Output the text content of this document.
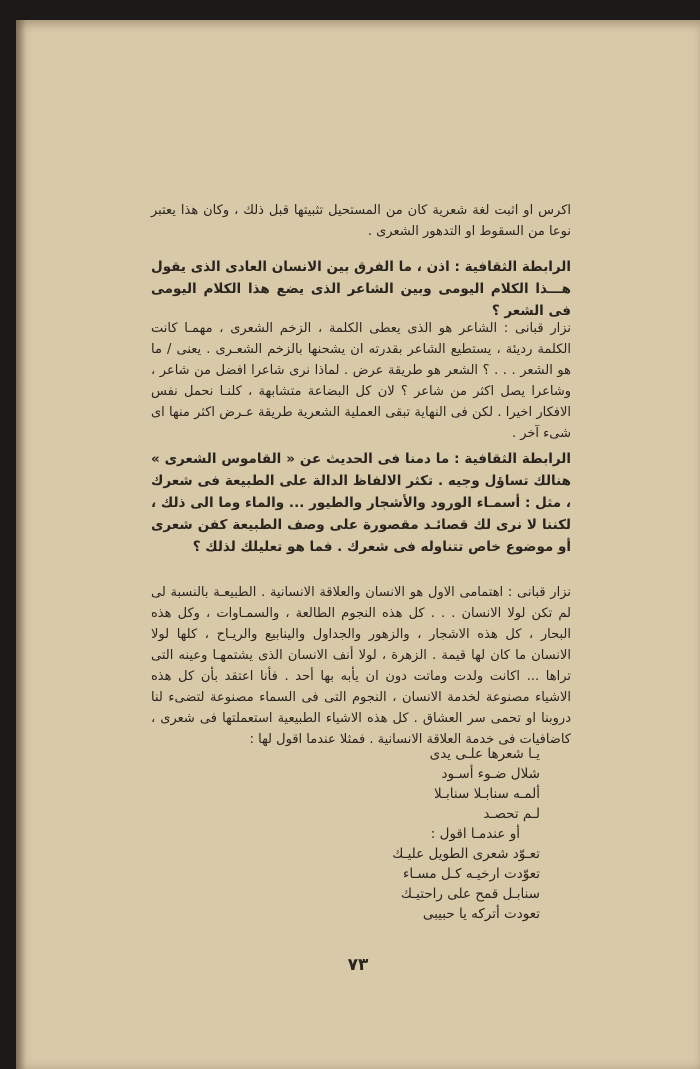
اكرس او اثبت لغة شعرية كان من المستحيل تثبيتها قبل ذلك ، وكان هذا يعتبر نوعا من السقوط او التدهور الشعرى .

الرابطة الثقافية : اذن ، ما الفرق بين الانسان العادى الذى يقول هـــذا الكلام اليومى وبين الشاعر الذى يضع هذا الكلام اليومى فى الشعر ؟

نزار قبانى : الشاعر هو الذى يعطى الكلمة ، الزخم الشعرى ، مهمـا كانت الكلمة رديئة ، يستطيع الشاعر بقدرته ان يشحنها بالزخم الشعـرى . يعنى / ما هو الشعر . . . ؟ الشعر هو طريقة عرض . لماذا نرى شاعرا افضل من شاعر ، وشاعرا يصل اكثر من شاعر ؟ لان كل البضاعة متشابهة ، كلنـا نحمل نفس الافكار اخيرا . لكن فى النهاية تبقى العملية الشعرية طريقة عـرض اكثر منها اى شىء آخر .

الرابطة الثقافية : ما دمنا فى الحديث عن « القاموس الشعرى » هنالك تساؤل وجيه . تكثر الالفاظ الدالة على الطبيعة فى شعرك ، مثل : أسمـاء الورود والأشجار والطيور ... والماء وما الى ذلك ، لكننا لا نرى لك قصائـد مقصورة على وصف الطبيعة كفن شعرى أو موضوع خاص تتناوله فى شعرك . فما هو تعليلك لذلك ؟

نزار قبانى : اهتمامى الاول هو الانسان والعلاقة الانسانية . الطبيعـة بالنسبة لى لم تكن لولا الانسان . . . كل هذه النجوم الطالعة ، والسمـاوات ، وكل هذه البحار ، كل هذه الاشجار ، والزهور والجداول والينابيع والريـاح ، كلها لولا الانسان ما كان لها قيمة . الزهرة ، لولا أنف الانسان الذى يشتمهـا وعينه التى تراها ... اكانت ولدت وماتت دون ان يأبه بها أحد . فأنا اعتقد بأن كل هذه الاشياء مصنوعة لخدمة الانسان ، النجوم التى فى السماء مصنوعة لتضىء لنا دروبنا او تحمى سر العشاق . كل هذه الاشياء الطبيعية استعملتها فى شعرى ، كاضافيات فى خدمة العلاقة الانسانية . فمثلا عندما اقول لها :

يـا شعرها علـى يدى
شلال ضـوء أسـود
ألمـه سنابـلا سنابـلا
لـم تحصـد
أو عندمـا اقول :
تعـوّد شعرى الطويل عليـك
تعوّدت ارخيـه كـل مسـاء
سنابـل قمح على راحتيـك
تعودت أتركه يا حبيبى
٧٣
